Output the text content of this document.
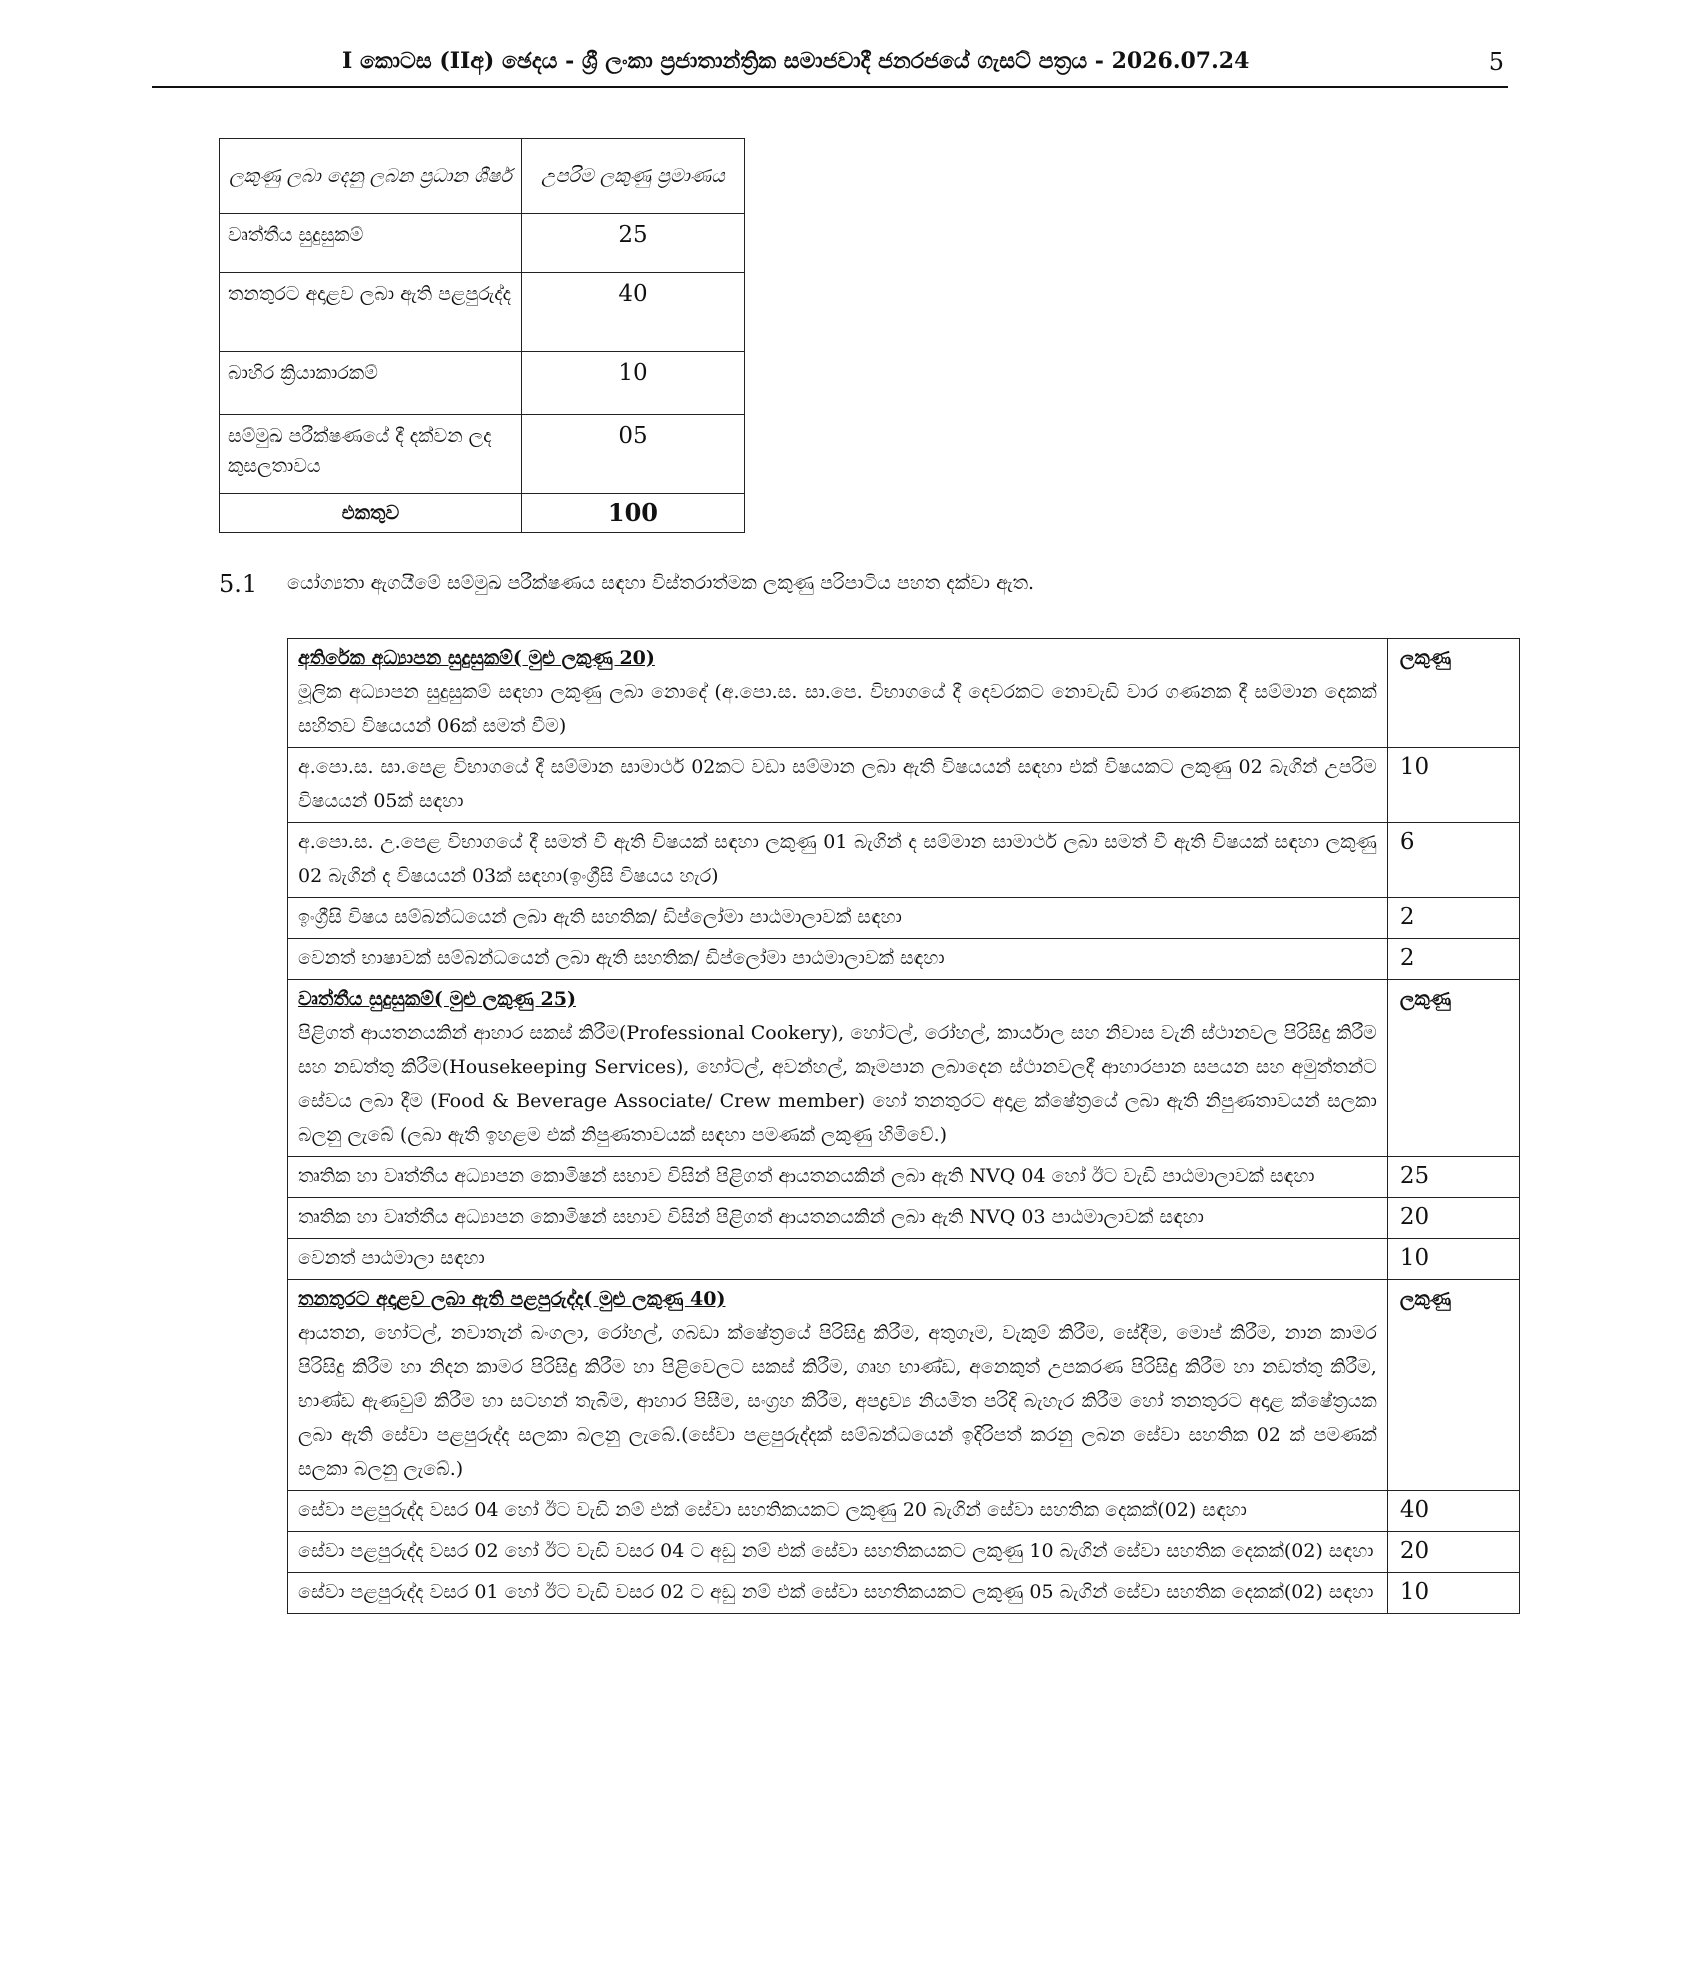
I කොටස (IIඅ) ඡෙදය - ශ්‍රී ලංකා ප්‍රජාතාන්ත්‍රික සමාජවාදී ජනරජයේ ගැසට් පත්‍රය - 2026.07.24	5
ලකුණු ලබා දෙනු ලබන ප්‍රධාන ශීර්ෂ	උපරිම ලකුණු ප්‍රමාණය
වෘත්තීය සුදුසුකම්	25
තනතුරට අදාළව ලබා ඇති පළපුරුද්ද	40
බාහිර ක්‍රියාකාරකම්	10
සම්මුඛ පරීක්ෂණයේ දී දක්වන ලද කුසලතාවය	05
එකතුව	100
5.1 යෝග්‍යතා ඇගයීමේ සම්මුඛ පරීක්ෂණය සඳහා විස්තරාත්මක ලකුණු පරිපාටිය පහත දක්වා ඇත.
අතිරේක අධ්‍යාපන සුදුසුකම්( මුළු ලකුණු 20)
මූලික අධ්‍යාපන සුදුසුකම් සඳහා ලකුණු ලබා නොදේ (අ.පො.ස. සා.පෙ. විභාගයේ දී දෙවරකට නොවැඩි වාර ගණනක දී සම්මාන දෙකක් සහිතව විෂයයන් 06ක් සමත් වීම)	ලකුණු
අ.පො.ස. සා.පෙළ විභාගයේ දී සම්මාන සාමාර්ථ 02කට වඩා සම්මාන ලබා ඇති විෂයයන් සඳහා එක් විෂයකට ලකුණු 02 බැගින් උපරිම විෂයයන් 05ක් සඳහා	10
අ.පො.ස. උ.පෙළ විභාගයේ දී සමත් වී ඇති විෂයක් සඳහා ලකුණු 01 බැගින් ද සම්මාන සාමාර්ථ ලබා සමත් වී ඇති විෂයක් සඳහා ලකුණු 02 බැගින් ද විෂයයන් 03ක් සඳහා(ඉංග්‍රීසි විෂයය හැර)	6
ඉංග්‍රීසි විෂය සම්බන්ධයෙන් ලබා ඇති සහතික/ ඩිප්ලෝමා පාඨමාලාවක් සඳහා	2
වෙනත් භාෂාවක් සම්බන්ධයෙන් ලබා ඇති සහතික/ ඩිප්ලෝමා පාඨමාලාවක් සඳහා	2

වෘත්තීය සුදුසුකම්( මුළු ලකුණු 25)
පිළිගත් ආයතනයකින් ආහාර සකස් කිරීම(Professional Cookery), හෝටල්, රෝහල්, කාර්යාල සහ නිවාස වැනි ස්ථානවල පිරිසිදු කිරීම සහ නඩත්තු කිරීම(Housekeeping Services), හෝටල්, අවන්හල්, කෑමපාන ලබාදෙන ස්ථානවලදී ආහාරපාන සපයන සහ අමුත්තන්ට සේවය ලබා දීම (Food & Beverage Associate/ Crew member) හෝ තනතුරට අදාළ ක්ෂේත්‍රයේ ලබා ඇති නිපුණතාවයන් සලකා බලනු ලැබේ (ලබා ඇති ඉහළම එක් නිපුණතාවයක් සඳහා පමණක් ලකුණු හිමිවේ.)	ලකුණු
තෘතික හා වෘත්තීය අධ්‍යාපන කොමිෂන් සභාව විසින් පිළිගත් ආයතනයකින් ලබා ඇති NVQ 04 හෝ ඊට වැඩි පාඨමාලාවක් සඳහා	25
තෘතික හා වෘත්තීය අධ්‍යාපන කොමිෂන් සභාව විසින් පිළිගත් ආයතනයකින් ලබා ඇති NVQ 03 පාඨමාලාවක් සඳහා	20
වෙනත් පාඨමාලා සඳහා	10

තනතුරට අදාළව ලබා ඇති පළපුරුද්ද( මුළු ලකුණු 40)
ආයතන, හෝටල්, නවාතැන් බංගලා, රෝහල්, ගබඩා ක්ෂේත්‍රයේ පිරිසිදු කිරීම, අතුගෑම, වැකුම් කිරීම, සේදීම, මොප් කිරීම, නාන කාමර පිරිසිදු කිරීම හා නිදන කාමර පිරිසිදු කිරීම හා පිළිවෙලට සකස් කිරීම, ගෘහ භාණ්ඩ, අනෙකුත් උපකරණ පිරිසිදු කිරීම හා නඩත්තු කිරීම, භාණ්ඩ ඇණවුම් කිරීම හා සටහන් තැබීම, ආහාර පිසීම, සංග්‍රහ කිරීම, අපද්‍රව්‍ය නියමිත පරිදි බැහැර කිරීම හෝ තනතුරට අදාළ ක්ෂේත්‍රයක ලබා ඇති සේවා පළපුරුද්ද සලකා බලනු ලැබේ.(සේවා පළපුරුද්දක් සම්බන්ධයෙන් ඉදිරිපත් කරනු ලබන සේවා සහතික 02 ක් පමණක් සලකා බලනු ලැබේ.)	ලකුණු
සේවා පළපුරුද්ද වසර 04 හෝ ඊට වැඩි නම් එක් සේවා සහතිකයකට ලකුණු 20 බැගින් සේවා සහතික දෙකක්(02) සඳහා	40
සේවා පළපුරුද්ද වසර 02 හෝ ඊට වැඩි වසර 04 ට අඩු නම් එක් සේවා සහතිකයකට ලකුණු 10 බැගින් සේවා සහතික දෙකක්(02) සඳහා	20
සේවා පළපුරුද්ද වසර 01 හෝ ඊට වැඩි වසර 02 ට අඩු නම් එක් සේවා සහතිකයකට ලකුණු 05 බැගින් සේවා සහතික දෙකක්(02) සඳහා	10
